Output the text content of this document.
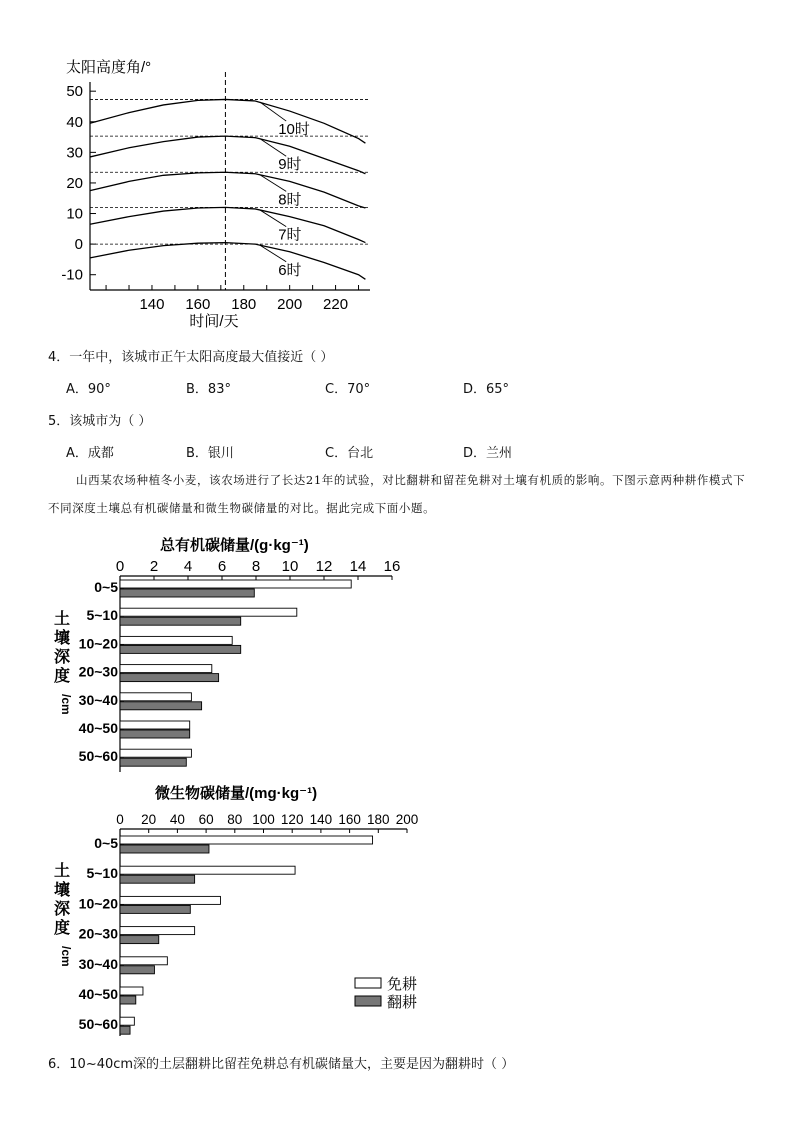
太阳高度角/°
时间/天
50
40
30
20
10
0
-10
140 160 180 200 220
10时
9时
8时
7时
6时
4．一年中，该城市正午太阳高度最大值接近（ ）
A．90°	B．83°	C．70°	D．65°
5．该城市为（ ）
A．成都	B．银川	C．台北	D．兰州
山西某农场种植冬小麦，该农场进行了长达21年的试验，对比翻耕和留茬免耕对土壤有机质的影响。下图示意两种耕作模式下不同深度土壤总有机碳储量和微生物碳储量的对比。据此完成下面小题。
总有机碳储量/(g·kg⁻¹)
0 2 4 6 8 10 12 14 16
土
壤
深
度
/cm
0~5
5~10
10~20
20~30
30~40
40~50
50~60
微生物碳储量/(mg·kg⁻¹)
0 20 40 60 80 100 120 140 160 180 200
土
壤
深
度
/cm
0~5
5~10
10~20
20~30
30~40
40~50
50~60
免耕
翻耕
6．10~40cm深的土层翻耕比留茬免耕总有机碳储量大，主要是因为翻耕时（ ）
